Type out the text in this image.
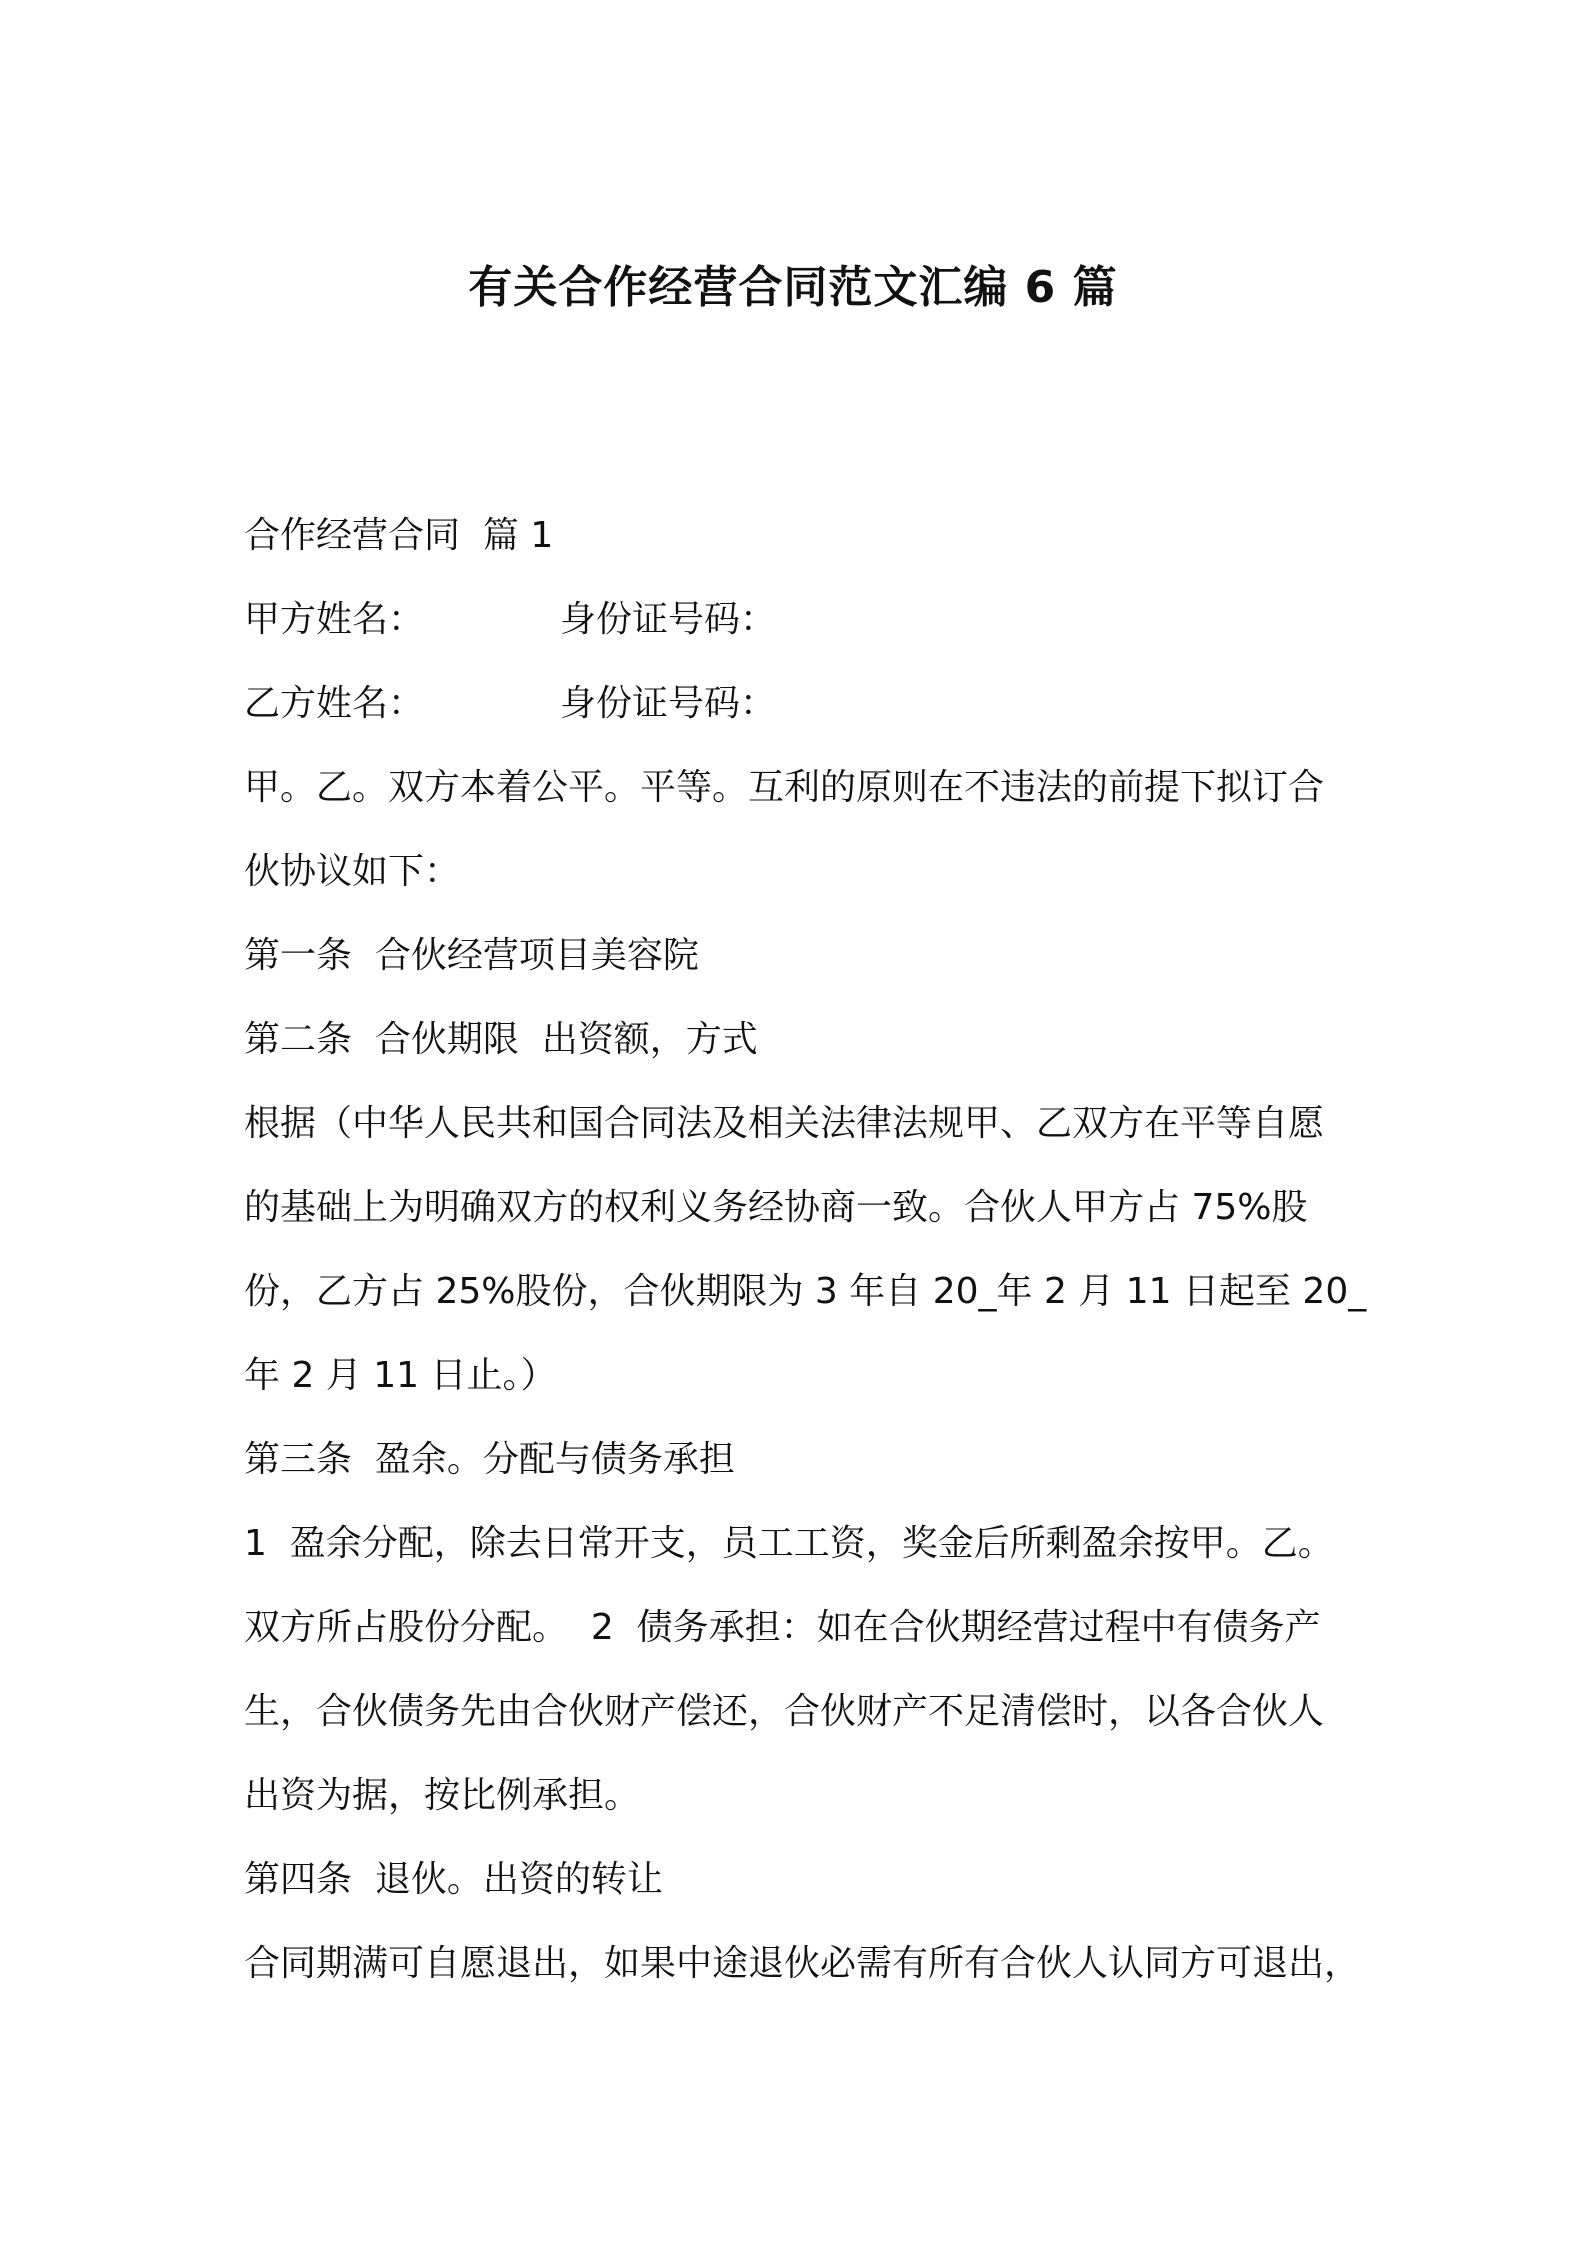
有关合作经营合同范文汇编 6 篇

合作经营合同  篇 1

甲方姓名：	身份证号码：

乙方姓名：	身份证号码：

甲。乙。双方本着公平。平等。互利的原则在不违法的前提下拟订合

伙协议如下：

第一条  合伙经营项目美容院

第二条  合伙期限  出资额，方式

根据（中华人民共和国合同法及相关法律法规甲、乙双方在平等自愿

的基础上为明确双方的权利义务经协商一致。合伙人甲方占 75%股

份，乙方占 25%股份，合伙期限为 3 年自 20_年 2 月 11 日起至 20_

年 2 月 11 日止。）

第三条  盈余。分配与债务承担

1  盈余分配，除去日常开支，员工工资，奖金后所剩盈余按甲。乙。

双方所占股份分配。  2  债务承担：如在合伙期经营过程中有债务产

生，合伙债务先由合伙财产偿还，合伙财产不足清偿时，以各合伙人

出资为据，按比例承担。

第四条  退伙。出资的转让

合同期满可自愿退出，如果中途退伙必需有所有合伙人认同方可退出，
